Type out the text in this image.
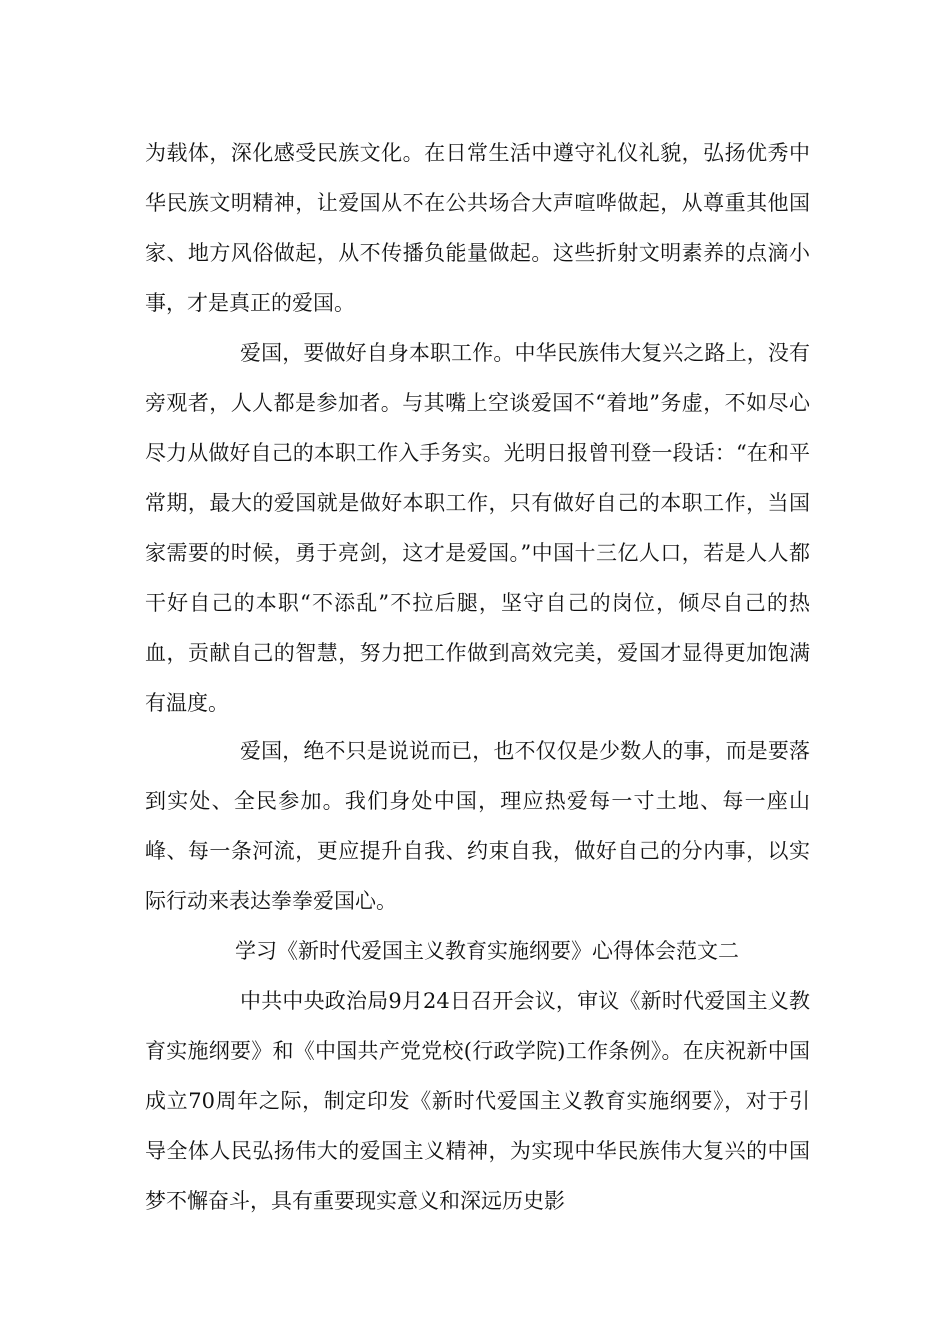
为载体，深化感受民族文化。在日常生活中遵守礼仪礼貌，弘扬优秀中华民族文明精神，让爱国从不在公共场合大声喧哗做起，从尊重其他国家、地方风俗做起，从不传播负能量做起。这些折射文明素养的点滴小事，才是真正的爱国。

爱国，要做好自身本职工作。中华民族伟大复兴之路上，没有旁观者，人人都是参加者。与其嘴上空谈爱国不“着地”务虚，不如尽心尽力从做好自己的本职工作入手务实。光明日报曾刊登一段话：“在和平常期，最大的爱国就是做好本职工作，只有做好自己的本职工作，当国家需要的时候，勇于亮剑，这才是爱国。”中国十三亿人口，若是人人都干好自己的本职“不添乱”不拉后腿，坚守自己的岗位，倾尽自己的热血，贡献自己的智慧，努力把工作做到高效完美，爱国才显得更加饱满有温度。

爱国，绝不只是说说而已，也不仅仅是少数人的事，而是要落到实处、全民参加。我们身处中国，理应热爱每一寸土地、每一座山峰、每一条河流，更应提升自我、约束自我，做好自己的分内事，以实际行动来表达拳拳爱国心。

学习《新时代爱国主义教育实施纲要》心得体会范文二

中共中央政治局9月24日召开会议，审议《新时代爱国主义教育实施纲要》和《中国共产党党校(行政学院)工作条例》。在庆祝新中国成立70周年之际，制定印发《新时代爱国主义教育实施纲要》，对于引导全体人民弘扬伟大的爱国主义精神，为实现中华民族伟大复兴的中国梦不懈奋斗，具有重要现实意义和深远历史影
